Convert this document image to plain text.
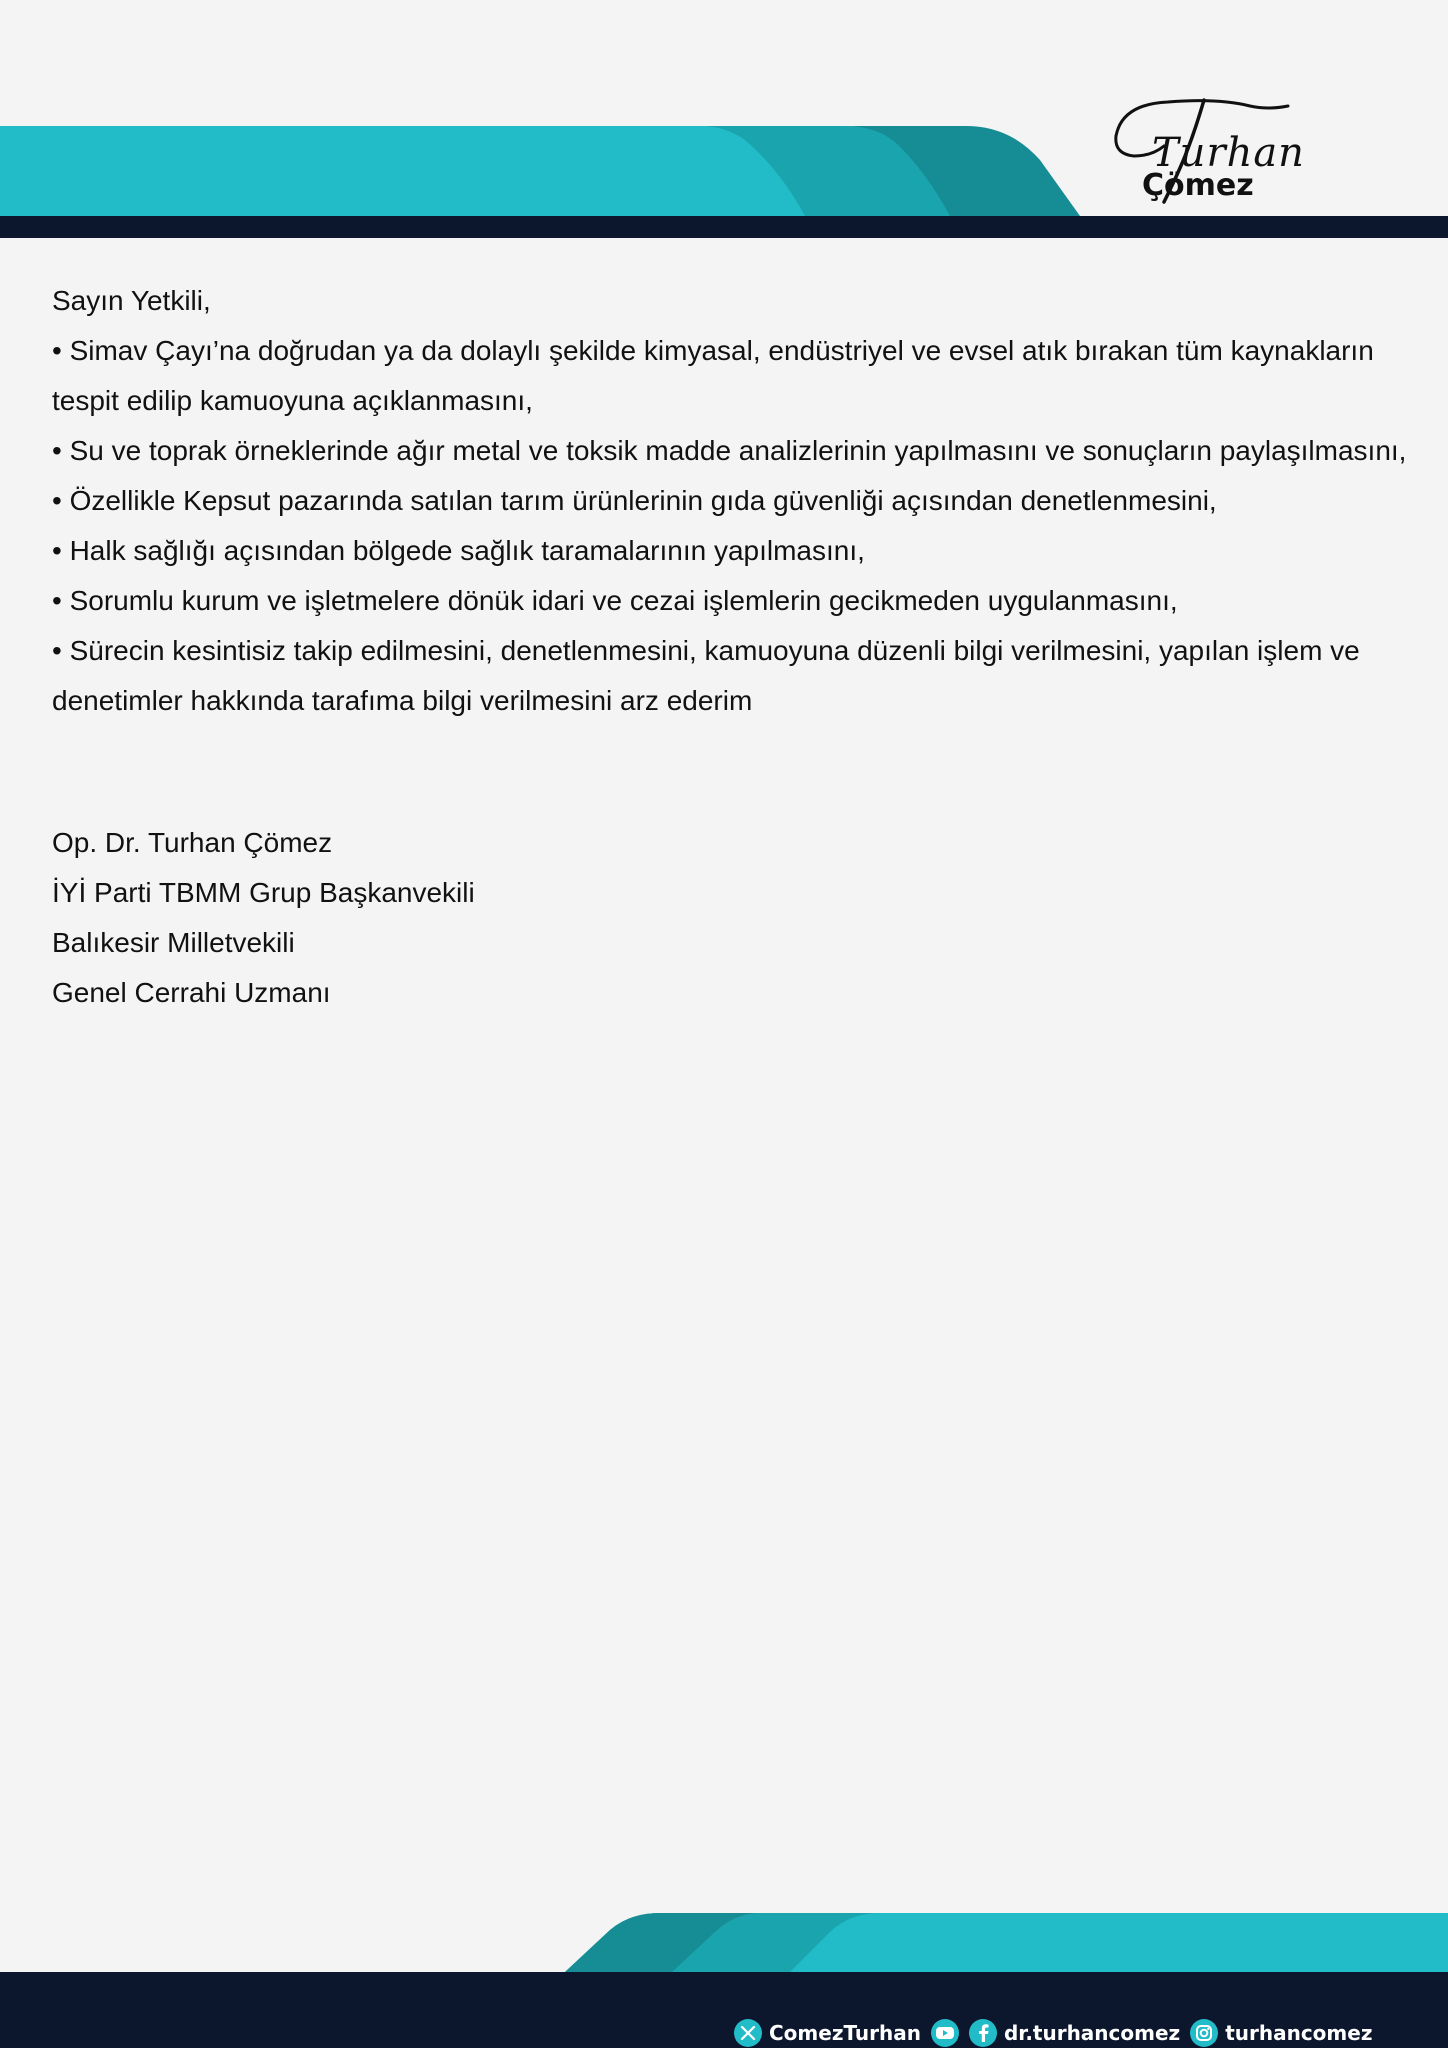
Turhan
Çömez
Sayın Yetkili,
• Simav Çayı’na doğrudan ya da dolaylı şekilde kimyasal, endüstriyel ve evsel atık bırakan tüm kaynakların
tespit edilip kamuoyuna açıklanmasını,
• Su ve toprak örneklerinde ağır metal ve toksik madde analizlerinin yapılmasını ve sonuçların paylaşılmasını,
• Özellikle Kepsut pazarında satılan tarım ürünlerinin gıda güvenliği açısından denetlenmesini,
• Halk sağlığı açısından bölgede sağlık taramalarının yapılmasını,
• Sorumlu kurum ve işletmelere dönük idari ve cezai işlemlerin gecikmeden uygulanmasını,
• Sürecin kesintisiz takip edilmesini, denetlenmesini, kamuoyuna düzenli bilgi verilmesini, yapılan işlem ve
denetimler hakkında tarafıma bilgi verilmesini arz ederim
Op. Dr. Turhan Çömez
İYİ Parti TBMM Grup Başkanvekili
Balıkesir Milletvekili
Genel Cerrahi Uzmanı
ComezTurhan	dr.turhancomez turhancomez
